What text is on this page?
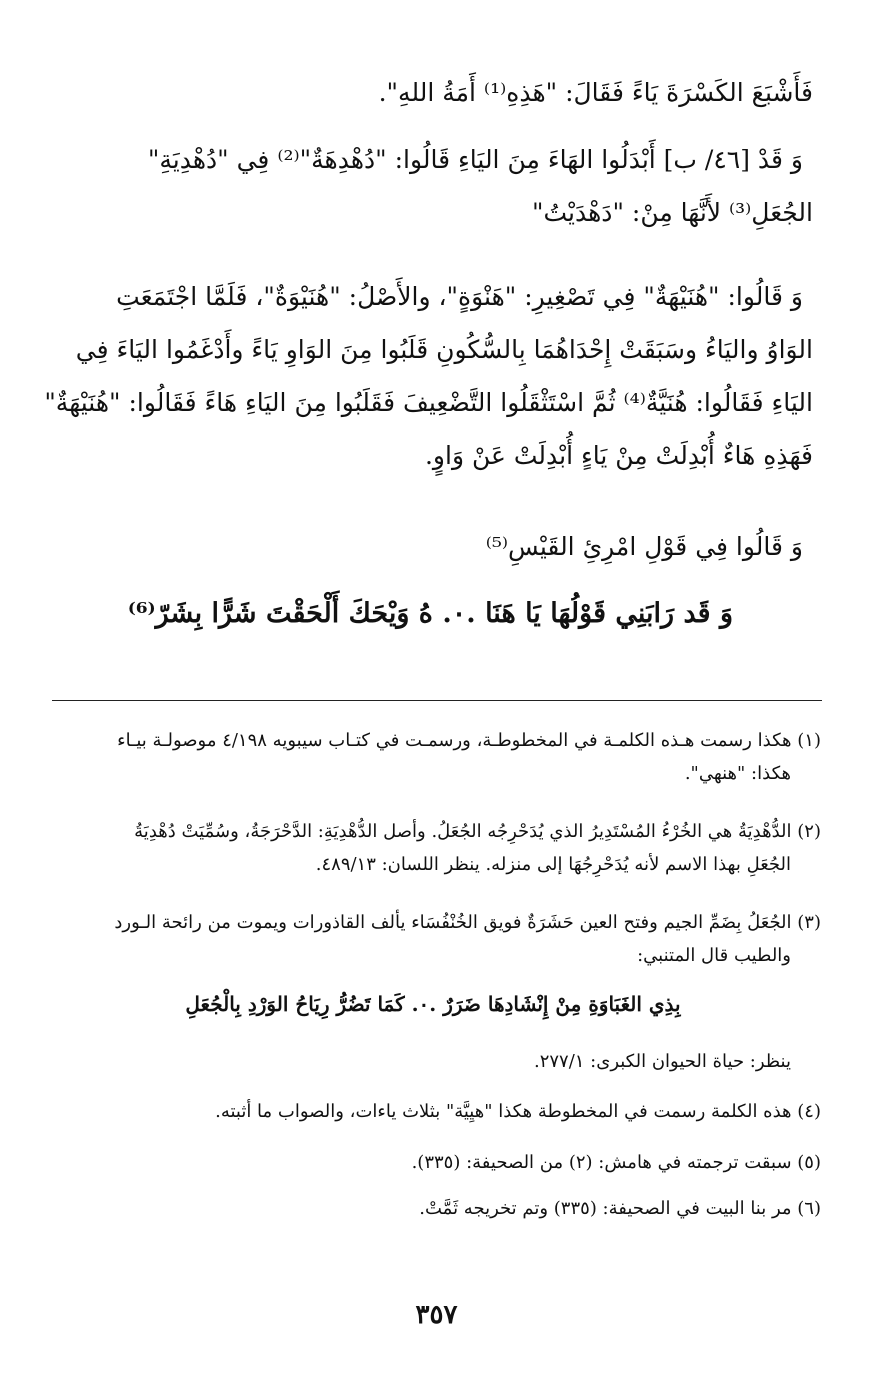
فَأَشْبَعَ الكَسْرَةَ يَاءً فَقَالَ: "هَذِهِ⁽¹⁾ أَمَةُ اللهِ".

وَ قَدْ [٤٦/ ب] أَبْدَلُوا الهَاءَ مِنَ اليَاءِ قَالُوا: "دُهْدِهَةٌ"⁽²⁾ فِي "دُهْدِيَةِ"
الجُعَلِ⁽³⁾ لأَنَّهَا مِنْ: "دَهْدَيْتُ"

وَ قَالُوا: "هُنَيْهَةٌ" فِي تَصْغِيرِ: "هَنْوَةٍ"، والأَصْلُ: "هُنَيْوَةٌ"، فَلَمَّا اجْتَمَعَتِ
الوَاوُ واليَاءُ وسَبَقَتْ إِحْدَاهُمَا بِالسُّكُونِ قَلَبُوا مِنَ الوَاوِ يَاءً وأَدْغَمُوا اليَاءَ فِي
اليَاءِ فَقَالُوا: هُنَيَّةٌ⁽⁴⁾ ثُمَّ اسْتَثْقَلُوا التَّضْعِيفَ فَقَلَبُوا مِنَ اليَاءِ هَاءً فَقَالُوا: "هُنَيْهَةٌ"
فَهَذِهِ هَاءٌ أُبْدِلَتْ مِنْ يَاءٍ أُبْدِلَتْ عَنْ وَاوٍ.

وَ قَالُوا فِي قَوْلِ امْرِئِ القَيْسِ⁽⁵⁾

وَ قَد رَابَنِي قَوْلُهَا يَا هَنَا .٠. هُ وَيْحَكَ أَلْحَقْتَ شَرًّا بِشَرّ⁽⁶⁾

(١) هكذا رسمت هـذه الكلمـة في المخطوطـة، ورسمـت في كتـاب سيبويه ٤/١٩٨ موصولـة بيـاء
هكذا: "هنهي".

(٢) الدُّهْدِيَةُ هي الخُرْءُ المُسْتَدِيرُ الذي يُدَحْرِجُه الجُعَلُ. وأصل الدُّهْدِيَةِ: الدَّحْرَجَةُ، وسُمِّيَتْ دُهْدِيَةُ
الجُعَلِ بهذا الاسم لأنه يُدَحْرِجُهَا إلى منزله. ينظر اللسان: ٤٨٩/١٣.

(٣) الجُعَلُ بِضَمِّ الجيم وفتح العين حَشَرَةٌ فويق الخُنْفُسَاء يألف القاذورات ويموت من رائحة الـورد
والطيب قال المتنبي:

بِذِي الغَبَاوَةِ مِنْ إِنْشَادِهَا ضَرَرٌ .٠. كَمَا تَضُرُّ رِيَاحُ الوَرْدِ بِالْجُعَلِ

ينظر: حياة الحيوان الكبرى: ٢٧٧/١.

(٤) هذه الكلمة رسمت في المخطوطة هكذا "هيِيَّة" بثلاث ياءات، والصواب ما أثبته.

(٥) سبقت ترجمته في هامش: (٢) من الصحيفة: (٣٣٥).

(٦) مر بنا البيت في الصحيفة: (٣٣٥) وتم تخريجه ثَمَّتْ.

٣٥٧
